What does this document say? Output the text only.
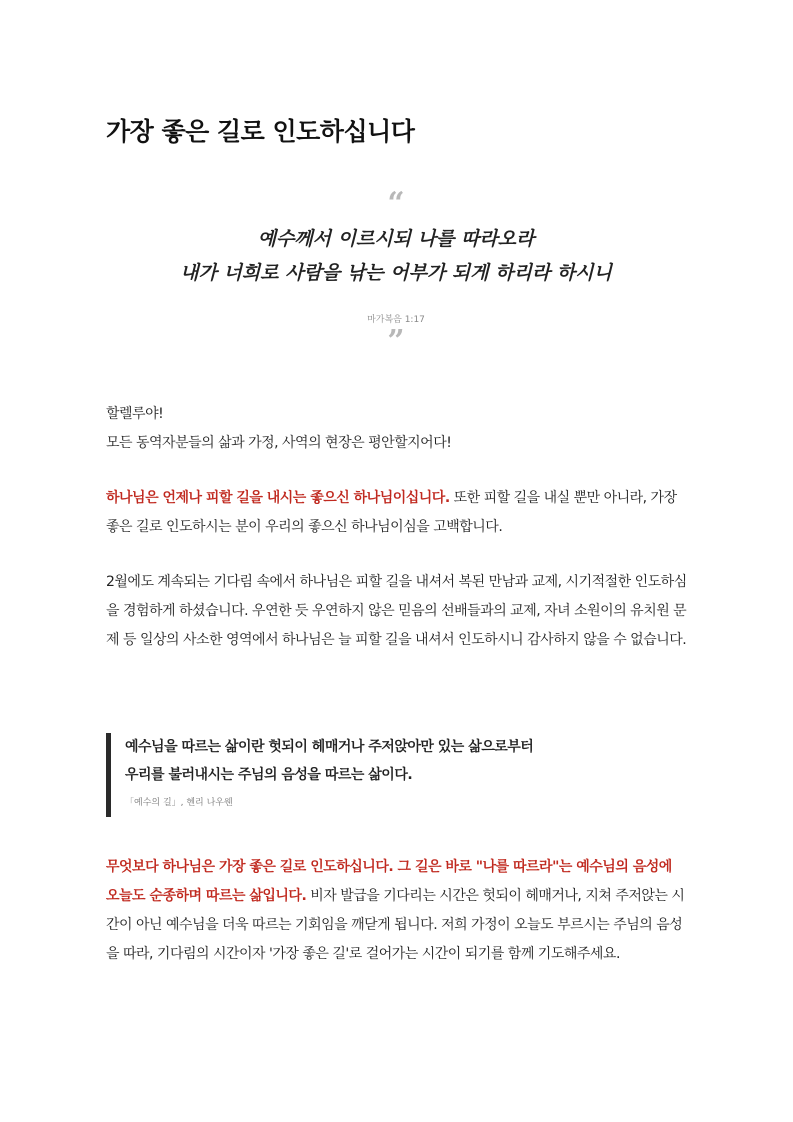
가장 좋은 길로 인도하십니다
“
예수께서 이르시되 나를 따라오라
내가 너희로 사람을 낚는 어부가 되게 하리라 하시니
마가복음 1:17
”

할렐루야!

모든 동역자분들의 삶과 가정, 사역의 현장은 평안할지어다!

하나님은 언제나 피할 길을 내시는 좋으신 하나님이십니다. 또한 피할 길을 내실 뿐만 아니라, 가장 좋은 길로 인도하시는 분이 우리의 좋으신 하나님이심을 고백합니다.

2월에도 계속되는 기다림 속에서 하나님은 피할 길을 내셔서 복된 만남과 교제, 시기적절한 인도하심을 경험하게 하셨습니다. 우연한 듯 우연하지 않은 믿음의 선배들과의 교제, 자녀 소원이의 유치원 문제 등 일상의 사소한 영역에서 하나님은 늘 피할 길을 내셔서 인도하시니 감사하지 않을 수 없습니다.

예수님을 따르는 삶이란 헛되이 헤매거나 주저앉아만 있는 삶으로부터
우리를 불러내시는 주님의 음성을 따르는 삶이다.
「예수의 길」, 헨리 나우웬

무엇보다 하나님은 가장 좋은 길로 인도하십니다. 그 길은 바로 "나를 따르라"는 예수님의 음성에 오늘도 순종하며 따르는 삶입니다. 비자 발급을 기다리는 시간은 헛되이 헤매거나, 지쳐 주저앉는 시간이 아닌 예수님을 더욱 따르는 기회임을 깨닫게 됩니다. 저희 가정이 오늘도 부르시는 주님의 음성을 따라, 기다림의 시간이자 '가장 좋은 길'로 걸어가는 시간이 되기를 함께 기도해주세요.
